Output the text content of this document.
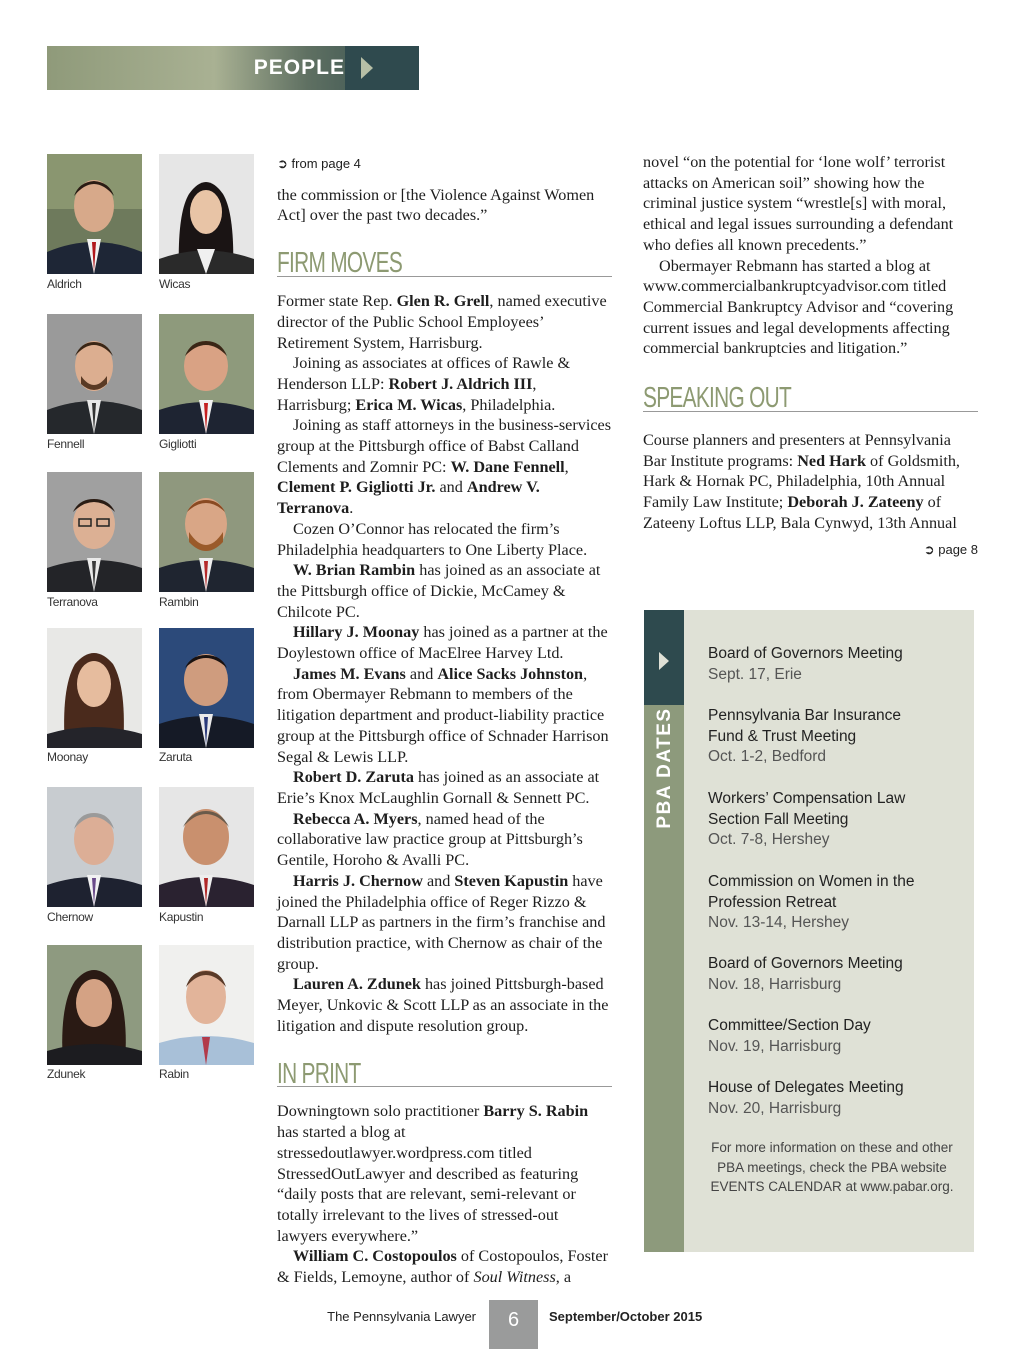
PEOPLE
Aldrich	Wicas
Fennell	Gigliotti
Terranova	Rambin
Moonay	Zaruta
Chernow	Kapustin
Zdunek	Rabin
➲ from page 4

the commission or [the Violence Against Women Act] over the past two decades.”

FIRM MOVES

Former state Rep. Glen R. Grell, named executive director of the Public School Employees’ Retirement System, Harrisburg.

Joining as associates at offices of Rawle & Henderson LLP: Robert J. Aldrich III, Harrisburg; Erica M. Wicas, Philadelphia.

Joining as staff attorneys in the business-services group at the Pittsburgh office of Babst Calland Clements and Zomnir PC: W. Dane Fennell, Clement P. Gigliotti Jr. and Andrew V. Terranova.

Cozen O’Connor has relocated the firm’s Philadelphia headquarters to One Liberty Place.

W. Brian Rambin has joined as an associate at the Pittsburgh office of Dickie, McCamey & Chilcote PC.

Hillary J. Moonay has joined as a partner at the Doylestown office of MacElree Harvey Ltd.

James M. Evans and Alice Sacks Johnston, from Obermayer Rebmann to members of the litigation department and product-liability practice group at the Pittsburgh office of Schnader Harrison Segal & Lewis LLP.

Robert D. Zaruta has joined as an associate at Erie’s Knox McLaughlin Gornall & Sennett PC.

Rebecca A. Myers, named head of the collaborative law practice group at Pittsburgh’s Gentile, Horoho & Avalli PC.

Harris J. Chernow and Steven Kapustin have joined the Philadelphia office of Reger Rizzo & Darnall LLP as partners in the firm’s franchise and distribution practice, with Chernow as chair of the group.

Lauren A. Zdunek has joined Pittsburgh-based Meyer, Unkovic & Scott LLP as an associate in the litigation and dispute resolution group.

IN PRINT

Downingtown solo practitioner Barry S. Rabin has started a blog at stressedoutlawyer.wordpress.com titled StressedOutLawyer and described as featuring “daily posts that are relevant, semi-relevant or totally irrelevant to the lives of stressed-out lawyers everywhere.”

William C. Costopoulos of Costopoulos, Foster & Fields, Lemoyne, author of Soul Witness, a

novel “on the potential for ‘lone wolf’ terrorist attacks on American soil” showing how the criminal justice system “wrestle[s] with moral, ethical and legal issues surrounding a defendant who defies all known precedents.”

Obermayer Rebmann has started a blog at www.commercialbankruptcyadvisor.com titled Commercial Bankruptcy Advisor and “covering current issues and legal developments affecting commercial bankruptcies and litigation.”

SPEAKING OUT

Course planners and presenters at Pennsylvania Bar Institute programs: Ned Hark of Goldsmith, Hark & Hornak PC, Philadelphia, 10th Annual Family Law Institute; Deborah J. Zateeny of Zateeny Loftus LLP, Bala Cynwyd, 13th Annual

➲ page 8
PBA DATES
Board of Governors Meeting
Sept. 17, Erie
Pennsylvania Bar Insurance Fund & Trust Meeting
Oct. 1-2, Bedford
Workers’ Compensation Law Section Fall Meeting
Oct. 7-8, Hershey
Commission on Women in the Profession Retreat
Nov. 13-14, Hershey
Board of Governors Meeting
Nov. 18, Harrisburg
Committee/Section Day
Nov. 19, Harrisburg
House of Delegates Meeting
Nov. 20, Harrisburg
For more information on these and other PBA meetings, check the PBA website EVENTS CALENDAR at www.pabar.org.
The Pennsylvania Lawyer	6	September/October 2015
